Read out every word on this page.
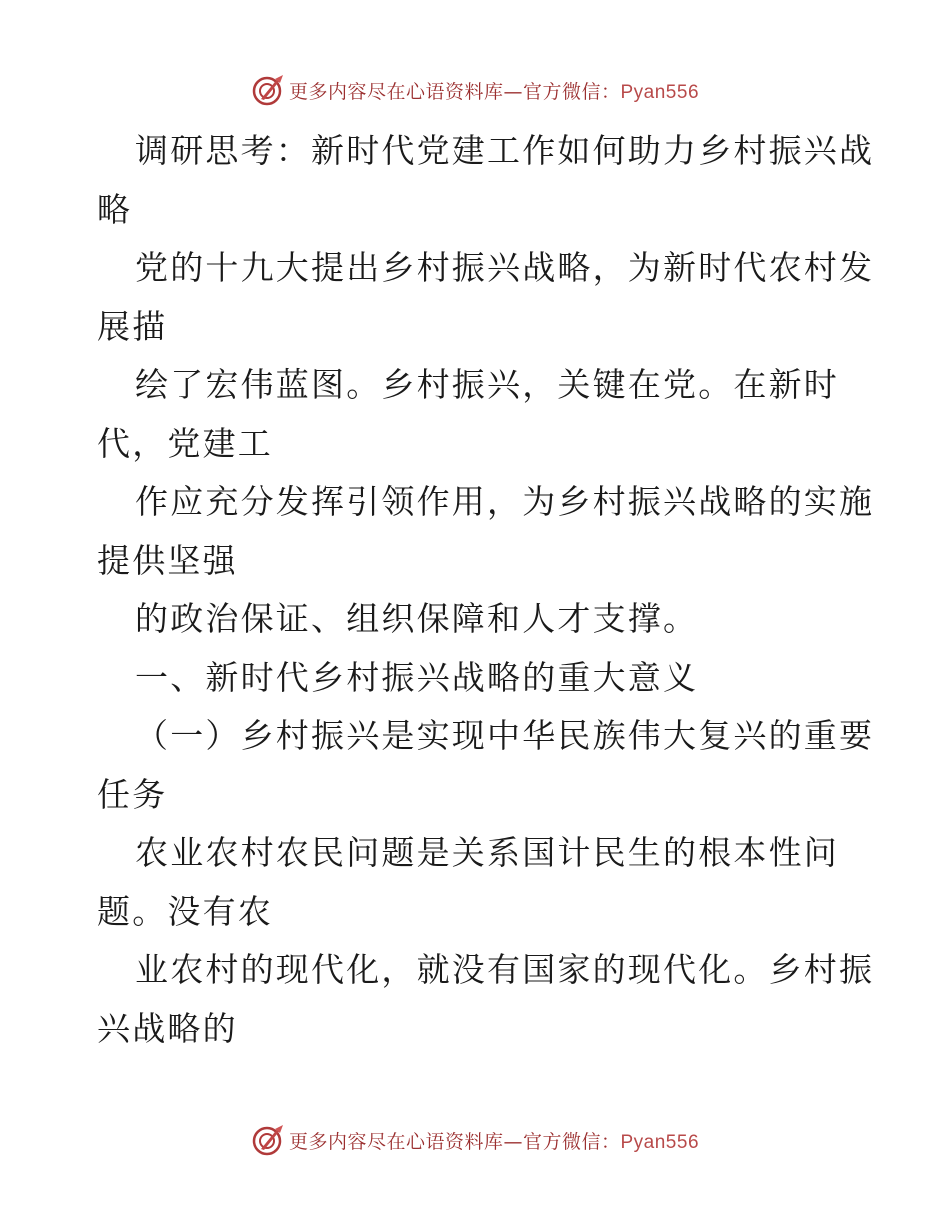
更多内容尽在心语资料库—官方微信：Pyan556
调研思考：新时代党建工作如何助力乡村振兴战
略
党的十九大提出乡村振兴战略，为新时代农村发
展描
绘了宏伟蓝图。乡村振兴，关键在党。在新时
代，党建工
作应充分发挥引领作用，为乡村振兴战略的实施
提供坚强
的政治保证、组织保障和人才支撑。
一、新时代乡村振兴战略的重大意义
（一）乡村振兴是实现中华民族伟大复兴的重要
任务
农业农村农民问题是关系国计民生的根本性问
题。没有农
业农村的现代化，就没有国家的现代化。乡村振
兴战略的
更多内容尽在心语资料库—官方微信：Pyan556
